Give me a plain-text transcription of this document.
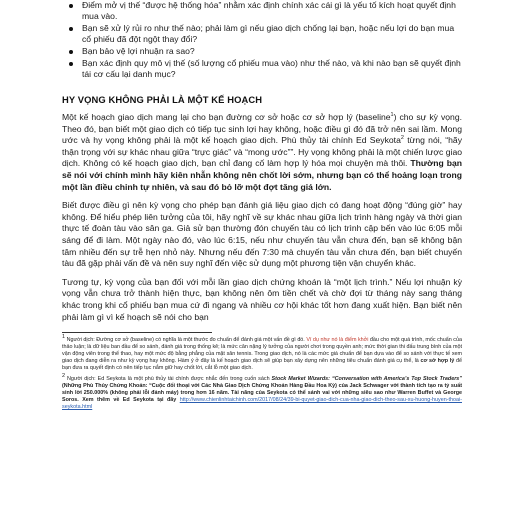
Điểm mở vị thế “được hệ thống hóa” nhằm xác định chính xác cái gì là yếu tố kích hoạt quyết định mua vào.
Bạn sẽ xử lý rủi ro như thế nào; phải làm gì nếu giao dịch chống lại bạn, hoặc nếu lợi do bạn mua cổ phiếu đã đột ngột thay đổi?
Bạn bảo vệ lợi nhuận ra sao?
Bạn xác định quy mô vị thế (số lượng cổ phiếu mua vào) như thế nào, và khi nào bạn sẽ quyết định tái cơ cấu lại danh mục?
HY VỌNG KHÔNG PHẢI LÀ MỘT KẾ HOẠCH

Một kế hoạch giao dịch mang lại cho bạn đường cơ sở hoặc cơ sở hợp lý (baseline$^1$) cho sự kỳ vọng. Theo đó, bạn biết một giao dịch có tiếp tục sinh lợi hay không, hoặc điều gì đó đã trở nên sai lầm. Mong ước và hy vọng không phải là một kế hoạch giao dịch. Phù thủy tài chính Ed Seykota$^2$ từng nói, “hãy thận trọng với sự khác nhau giữa “trực giác” và “mong ước””. Hy vọng không phải là một chiến lược giao dịch. Không có kế hoạch giao dịch, bạn chỉ đang cố làm hợp lý hóa mọi chuyện mà thôi. Thường bạn sẽ nói với chính mình hãy kiên nhẫn không nên chốt lời sớm, nhưng bạn có thể hoảng loạn trong một lần điều chỉnh tự nhiên, và sau đó bỏ lỡ một đợt tăng giá lớn.

Biết được điều gì nên kỳ vọng cho phép bạn đánh giá liệu giao dịch có đang hoạt động “đúng giờ” hay không. Để hiểu phép liên tưởng của tôi, hãy nghĩ về sự khác nhau giữa lịch trình hàng ngày và thời gian thực tế đoàn tàu vào sân ga. Giả sử bạn thường đón chuyến tàu có lịch trình cập bến vào lúc 6:05 mỗi sáng để đi làm. Một ngày nào đó, vào lúc 6:15, nếu như chuyến tàu vẫn chưa đến, bạn sẽ không bận tâm nhiều đến sự trễ hẹn nhỏ này. Nhưng nếu đến 7:30 mà chuyến tàu vẫn chưa đến, bạn biết chuyến tàu đã gặp phải vấn đề và nên suy nghĩ đến việc sử dụng một phương tiện vận chuyển khác.

Tương tự, kỳ vọng của bạn đối với mỗi lần giao dịch chứng khoán là “một lịch trình.” Nếu lợi nhuận kỳ vọng vẫn chưa trở thành hiện thực, bạn không nên ôm tiền chết và chờ đợi từ tháng này sang tháng khác trong khi cổ phiếu bạn mua cứ đi ngang và nhiều cơ hội khác tốt hơn đang xuất hiện. Bạn biết nên phải làm gì vì kế hoạch sẽ nói cho bạn

$^1$ Người dịch: Đường cơ sở (baseline) có nghĩa là một thước đo chuẩn để đánh giá một vấn đề gì đó. Ví dụ như nó là điểm khởi đầu cho một quá trình, mốc chuẩn của thảo luận; là dữ liệu ban đầu để so sánh, đánh giá trong thống kê; là mức cân nặng lý tưởng của người chơi trong quyền anh; mức thời gian thi đấu trung bình của một vận động viên trong thể thao, hay một mức độ bằng phẳng của mặt sân tennis. Trong giao dịch, nó là các mức giá chuẩn để bạn dựa vào để so sánh với thực tế xem giao dịch đang diễn ra như kỳ vọng hay không. Hàm ý ở đây là kế hoạch giao dịch sẽ giúp bạn xây dựng nên những tiêu chuẩn đánh giá cụ thể, là cơ sở hợp lý để bạn đưa ra quyết định có nên tiếp tục nắm giữ hay chốt lời, cắt lỗ một giao dịch.
$^2$ Người dịch: Ed Seykota là một phù thủy tài chính được nhắc đến trong cuốn sách Stock Market Wizards: “Conversation with America’s Top Stock Traders” (Những Phù Thủy Chứng Khoán: “Cuộc đối thoại với Các Nhà Giao Dịch Chứng Khoán Hàng Đầu Hoa Kỳ) của Jack Schwager với thành tích tạo ra tỷ suất sinh lời 250.000% (không phải lỗi đánh máy) trong hơn 16 năm. Tài năng của Seykota có thể sánh vai với những siêu sao như Warren Buffet và George Soros. Xem thêm về Ed Seykota tại đây http://www.chienlinhtaichinh.com/2017/08/24/39-bi-quyet-giao-dich-cua-nha-giao-dich-theo-sau-xu-huong-huyen-thoai-seykota.html
